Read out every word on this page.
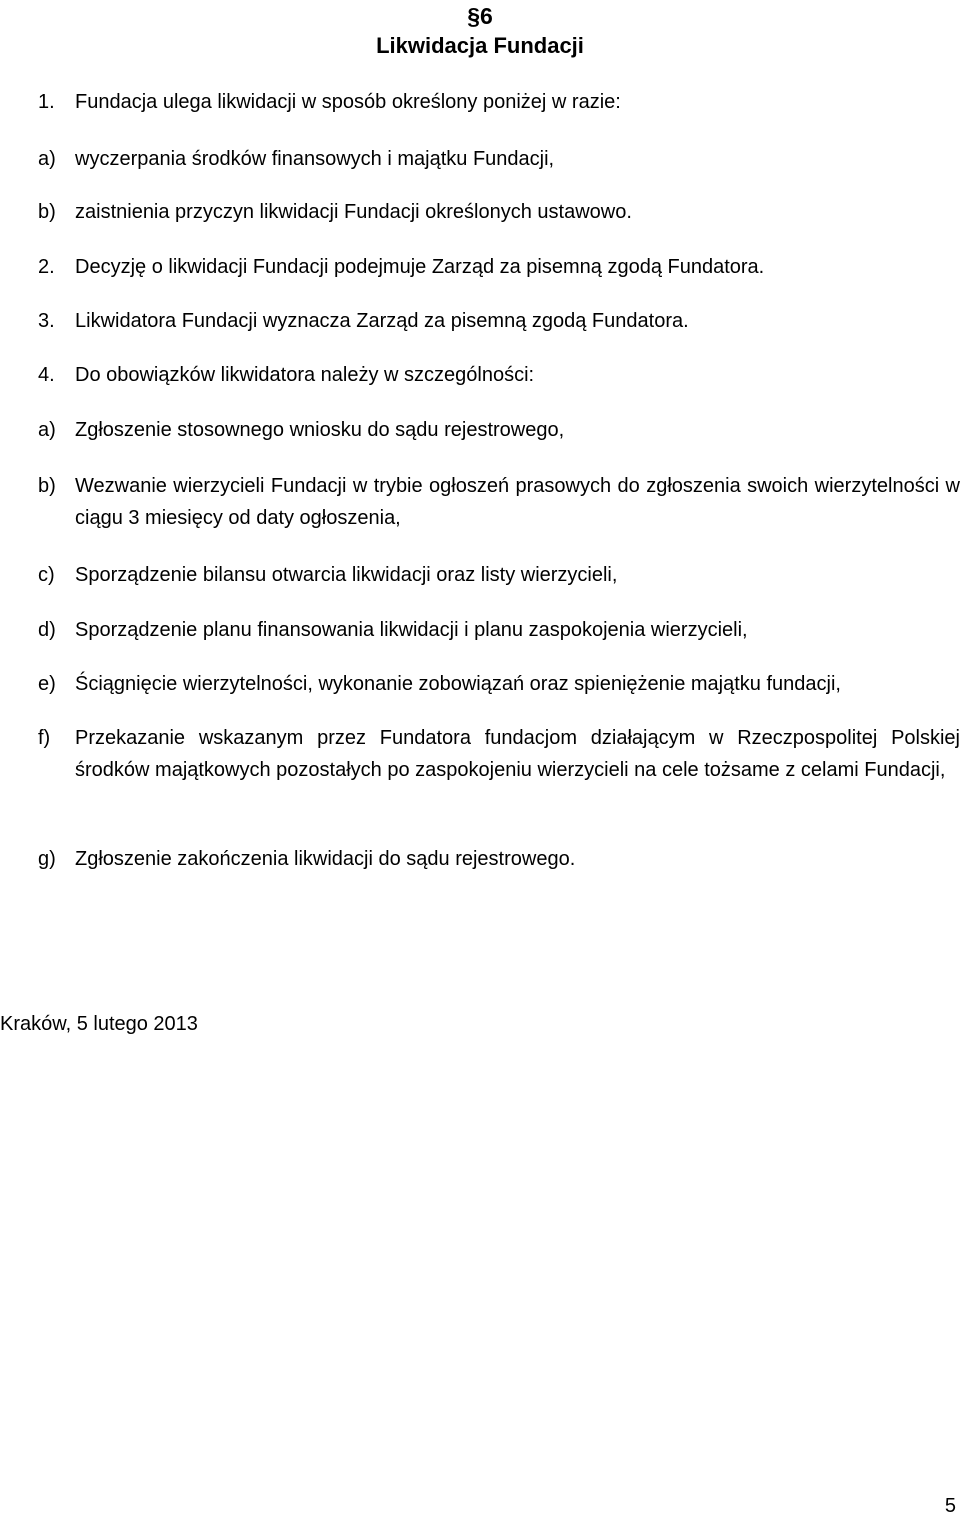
§6
Likwidacja Fundacji
1.	Fundacja ulega likwidacji w sposób określony poniżej w razie:
a) wyczerpania środków finansowych i majątku Fundacji,
b) zaistnienia przyczyn likwidacji Fundacji określonych ustawowo.
2.	Decyzję o likwidacji Fundacji podejmuje Zarząd za pisemną zgodą Fundatora.
3.	Likwidatora Fundacji wyznacza Zarząd za pisemną zgodą Fundatora.
4.	Do obowiązków likwidatora należy w szczególności:
a) Zgłoszenie stosownego wniosku do sądu rejestrowego,
b) Wezwanie wierzycieli Fundacji w trybie ogłoszeń prasowych do zgłoszenia swoich wierzytelności w ciągu 3 miesięcy od daty ogłoszenia,
c)	Sporządzenie bilansu otwarcia likwidacji oraz listy wierzycieli,
d) Sporządzenie planu finansowania likwidacji i planu zaspokojenia wierzycieli,
e) Ściągnięcie wierzytelności, wykonanie zobowiązań oraz spieniężenie majątku fundacji,
f)	Przekazanie wskazanym przez Fundatora fundacjom działającym w Rzeczpospolitej Polskiej środków majątkowych pozostałych po zaspokojeniu wierzycieli na cele tożsame z celami Fundacji,
g) Zgłoszenie zakończenia likwidacji do sądu rejestrowego.
Kraków, 5 lutego 2013
5
